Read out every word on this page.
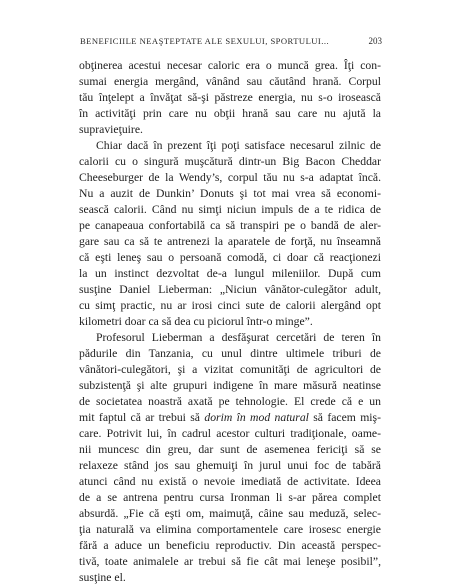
BENEFICIILE NEAŞTEPTATE ALE SEXULUI, SPORTULUI...	203
obţinerea acestui necesar caloric era o muncă grea. Îţi con-
sumai energia mergând, vânând sau căutând hrană. Corpul
tău înţelept a învăţat să-şi păstreze energia, nu s-o irosească
în activităţi prin care nu obţii hrană sau care nu ajută la
supravieţuire.
Chiar dacă în prezent îţi poţi satisface necesarul zilnic de
calorii cu o singură muşcătură dintr-un Big Bacon Cheddar
Cheeseburger de la Wendy’s, corpul tău nu s-a adaptat încă.
Nu a auzit de Dunkin’ Donuts şi tot mai vrea să economi-
sească calorii. Când nu simţi niciun impuls de a te ridica de
pe canapeaua confortabilă ca să transpiri pe o bandă de aler-
gare sau ca să te antrenezi la aparatele de forţă, nu înseamnă
că eşti leneş sau o persoană comodă, ci doar că reacţionezi
la un instinct dezvoltat de-a lungul mileniilor. După cum
susţine Daniel Lieberman: „Niciun vânător-culegător adult,
cu simţ practic, nu ar irosi cinci sute de calorii alergând opt
kilometri doar ca să dea cu piciorul într-o minge”.
Profesorul Lieberman a desfăşurat cercetări de teren în
pădurile din Tanzania, cu unul dintre ultimele triburi de
vânători-culegători, şi a vizitat comunităţi de agricultori de
subzistenţă şi alte grupuri indigene în mare măsură neatinse
de societatea noastră axată pe tehnologie. El crede că e un
mit faptul că ar trebui să dorim în mod natural să facem miş-
care. Potrivit lui, în cadrul acestor culturi tradiţionale, oame-
nii muncesc din greu, dar sunt de asemenea fericiţi să se
relaxeze stând jos sau ghemuiţi în jurul unui foc de tabără
atunci când nu există o nevoie imediată de activitate. Ideea
de a se antrena pentru cursa Ironman li s-ar părea complet
absurdă. „Fie că eşti om, maimuţă, câine sau meduză, selec-
ţia naturală va elimina comportamentele care irosesc energie
fără a aduce un beneficiu reproductiv. Din această perspec-
tivă, toate animalele ar trebui să fie cât mai leneşe posibil”,
susţine el.
